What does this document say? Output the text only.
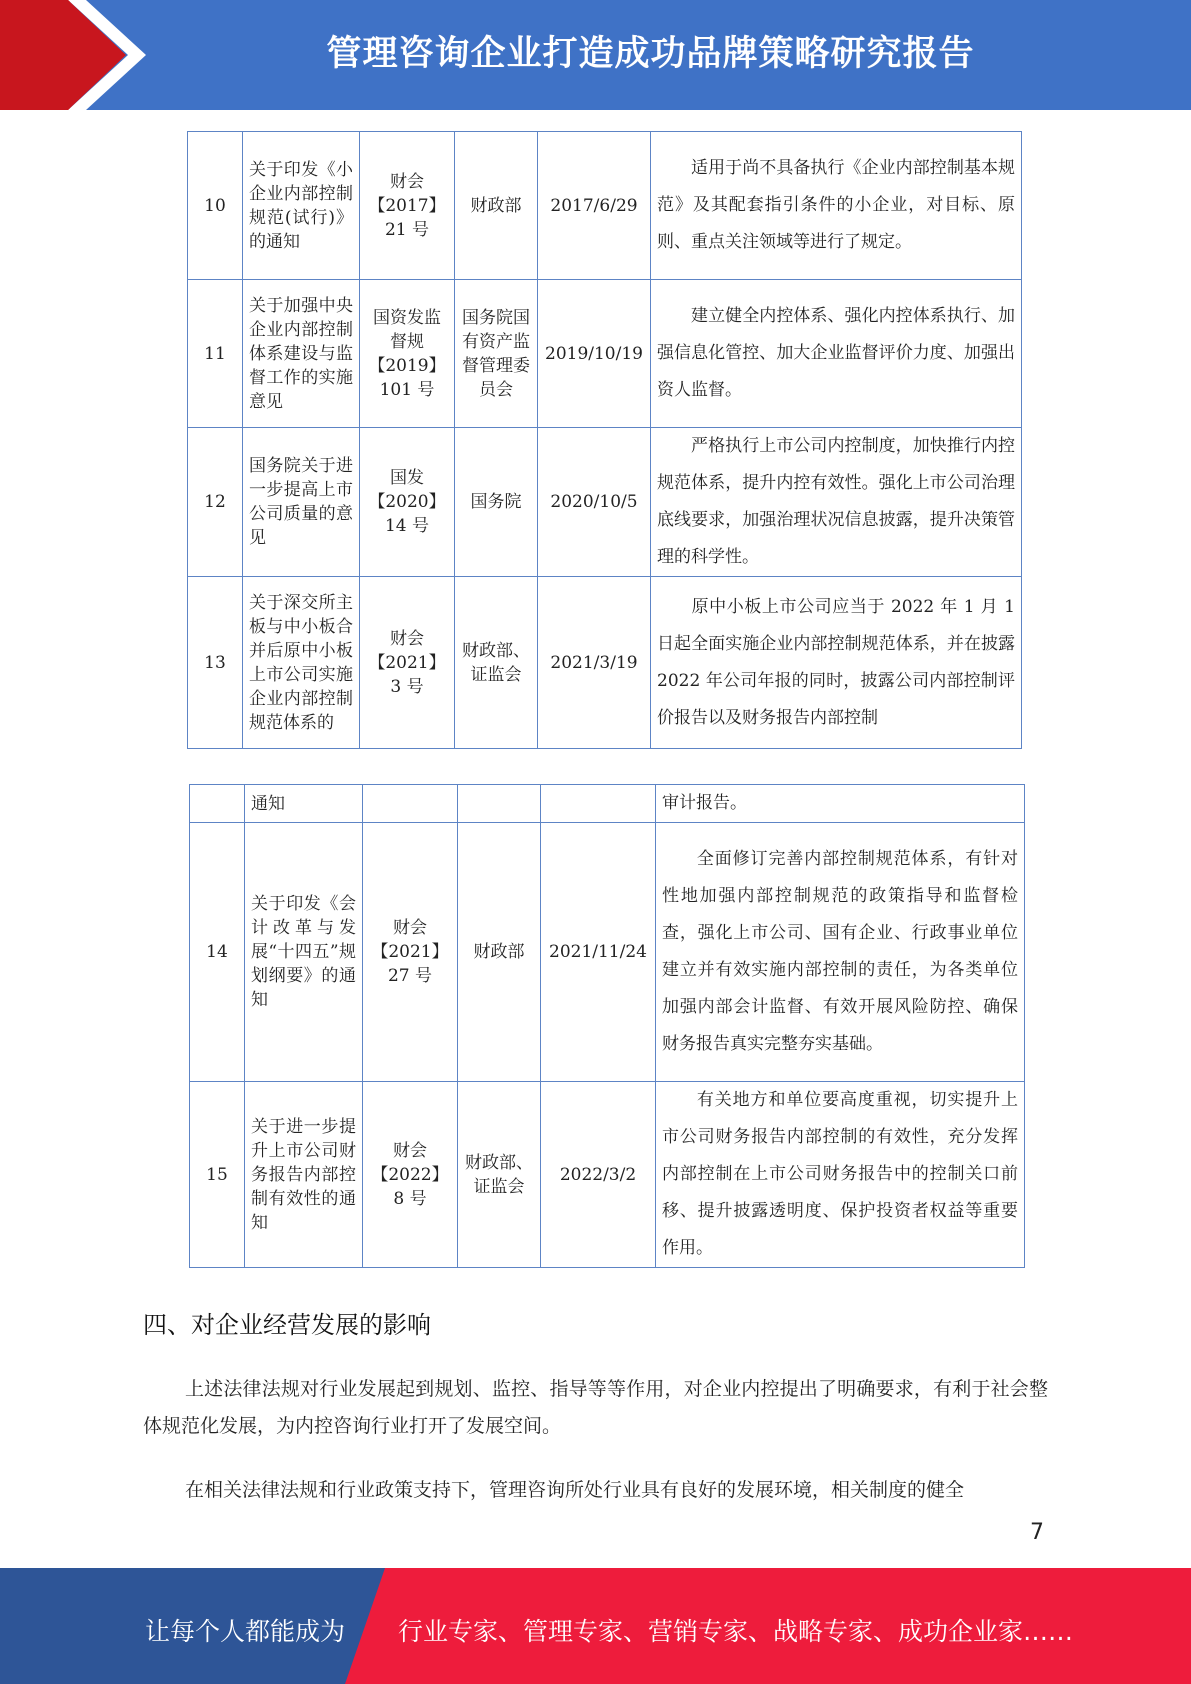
管理咨询企业打造成功品牌策略研究报告
10	关于印发《小企业内部控制规范(试行)》的通知	财会【2017】21 号	财政部	2017/6/29	适用于尚不具备执行《企业内部控制基本规范》及其配套指引条件的小企业，对目标、原则、重点关注领域等进行了规定。
11	关于加强中央企业内部控制体系建设与监督工作的实施意见	国资发监督规【2019】101 号	国务院国有资产监督管理委员会	2019/10/19	建立健全内控体系、强化内控体系执行、加强信息化管控、加大企业监督评价力度、加强出资人监督。
12	国务院关于进一步提高上市公司质量的意见	国发【2020】14 号	国务院	2020/10/5	严格执行上市公司内控制度，加快推行内控规范体系，提升内控有效性。强化上市公司治理底线要求，加强治理状况信息披露，提升决策管理的科学性。
13	关于深交所主板与中小板合并后原中小板上市公司实施企业内部控制规范体系的	财会【2021】3 号	财政部、证监会	2021/3/19	原中小板上市公司应当于 2022 年 1 月 1 日起全面实施企业内部控制规范体系，并在披露 2022 年公司年报的同时，披露公司内部控制评价报告以及财务报告内部控制
	通知				审计报告。
14	关于印发《会计改革与发展“十四五”规划纲要》的通知	财会【2021】27 号	财政部	2021/11/24	全面修订完善内部控制规范体系，有针对性地加强内部控制规范的政策指导和监督检查，强化上市公司、国有企业、行政事业单位建立并有效实施内部控制的责任，为各类单位加强内部会计监督、有效开展风险防控、确保财务报告真实完整夯实基础。
15	关于进一步提升上市公司财务报告内部控制有效性的通知	财会【2022】8 号	财政部、证监会	2022/3/2	有关地方和单位要高度重视，切实提升上市公司财务报告内部控制的有效性，充分发挥内部控制在上市公司财务报告中的控制关口前移、提升披露透明度、保护投资者权益等重要作用。
四、对企业经营发展的影响
上述法律法规对行业发展起到规划、监控、指导等等作用，对企业内控提出了明确要求，有利于社会整体规范化发展，为内控咨询行业打开了发展空间。
在相关法律法规和行业政策支持下，管理咨询所处行业具有良好的发展环境，相关制度的健全
7
让每个人都能成为 行业专家、管理专家、营销专家、战略专家、成功企业家……
